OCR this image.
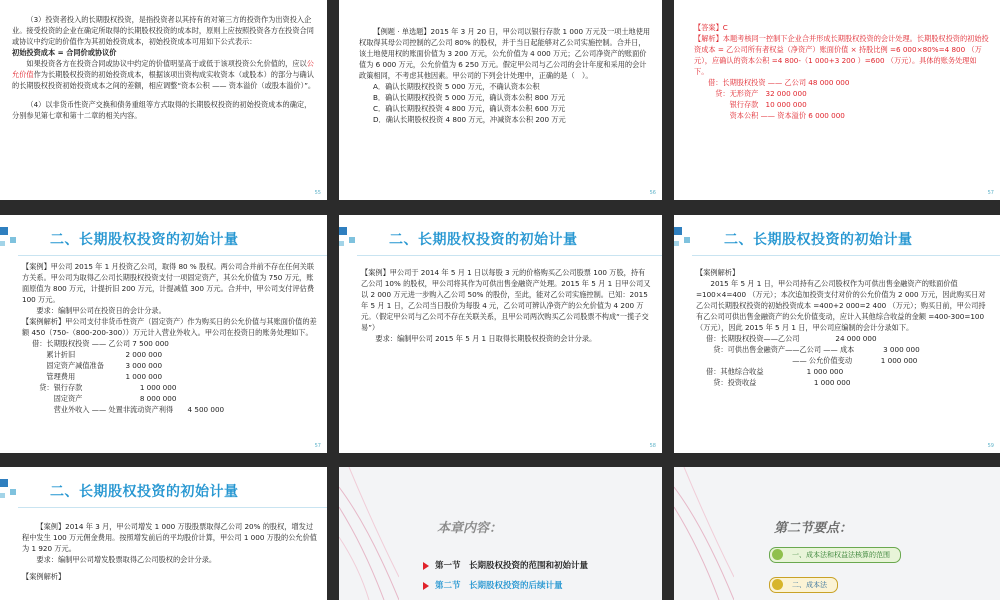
（3）投资者投入的长期股权投资，是指投资者以其持有的对第三方的投资作为出资投入企业。接受投资的企业在确定所取得的长期股权投资的成本时，原则上应按照投资各方在投资合同或协议中约定的价值作为其初始投资成本，初始投资成本可用如下公式表示：

初始投资成本 = 合同价或协议价

如果投资各方在投资合同或协议中约定的价值明显高于或低于该项投资公允价值的，应以公允价值作为长期股权投资的初始投资成本，根据该项出资构成实收资本（或股本）的部分与确认的长期股权投资初始投资成本之间的差额，相应调整“资本公积 —— 资本溢价（或股本溢价）”。

（4）以非货币性资产交换和债务重组等方式取得的长期股权投资的初始投资成本的确定，分别参见第七章和第十二章的相关内容。

55

【例题 · 单选题】2015 年 3 月 20 日，甲公司以银行存款 1 000 万元及一项土地使用权取得其母公司控制的乙公司 80% 的股权，并于当日起能够对乙公司实施控制。合并日，该土地使用权的账面价值为 3 200 万元，公允价值为 4 000 万元；乙公司净资产的账面价值为 6 000 万元，公允价值为 6 250 万元。假定甲公司与乙公司的会计年度和采用的会计政策相同，不考虑其他因素。甲公司的下列会计处理中，正确的是（　）。

A．确认长期股权投资 5 000 万元，不确认资本公积

B．确认长期股权投资 5 000 万元，确认资本公积 800 万元

C．确认长期股权投资 4 800 万元，确认资本公积 600 万元

D．确认长期股权投资 4 800 万元，冲减资本公积 200 万元

56

【答案】C

【解析】本题考核同一控制下企业合并形成长期股权投资的会计处理。长期股权投资的初始投资成本 = 乙公司所有者权益（净资产）账面价值 × 持股比例 =6 000×80%=4 800 （万元），应确认的资本公积 =4 800-（1 000+3 200 ）=600 （万元）。具体的账务处理如下。

借：长期股权投资 —— 乙公司 48 000 000

　贷：无形资产　32 000 000

　　　银行存款　10 000 000

　　　资本公积 —— 资本溢价 6 000 000

57
二、长期股权投资的初始计量

【案例】甲公司 2015 年 1 月投资乙公司，取得 80 % 股权。两公司合并前不存在任何关联方关系。甲公司为取得乙公司长期股权投资支付一项固定资产，其公允价值为 750 万元，账面原值为 800 万元，计提折旧 200 万元，计提减值 300 万元。合并中，甲公司支付评估费 100 万元。

要求：编制甲公司在投资日的会计分录。

【案例解析】甲公司支付非货币性资产（固定资产）作为购买日的公允价值与其账面价值的差额 450（750-（800-200-300））万元计入营业外收入。甲公司在投资日的账务处理如下。

借：长期股权投资 —— 乙公司 7 500 000

　　累计折旧　　　　　　　2 000 000

　　固定资产减值准备　　　3 000 000

　　管理费用　　　　　　　1 000 000

　贷：银行存款　　　　　　　　1 000 000

　　　固定资产　　　　　　　　8 000 000

　　　营业外收入 —— 处置非流动资产利得　　4 500 000

57
二、长期股权投资的初始计量

【案例】甲公司于 2014 年 5 月 1 日以每股 3 元的价格购买乙公司股票 100 万股，持有乙公司 10% 的股权，甲公司将其作为可供出售金融资产处理。2015 年 5 月 1 日甲公司又以 2 000 万元进一步购入乙公司 50% 的股份，至此，能对乙公司实施控制。已知：2015 年 5 月 1 日，乙公司当日股价为每股 4 元，乙公司可辨认净资产的公允价值为 4 200 万元。（假定甲公司与乙公司不存在关联关系，且甲公司两次购买乙公司股票不构成“一揽子交易”）

要求：编制甲公司 2015 年 5 月 1 日取得长期股权投资的会计分录。

58
二、长期股权投资的初始计量

【案例解析】

2015 年 5 月 1 日，甲公司持有乙公司股权作为可供出售金融资产的账面价值 =100×4=400 （万元）；本次追加投资支付对价的公允价值为 2 000 万元，因此购买日对乙公司长期股权投资的初始投资成本 =400+2 000=2 400 （万元）；购买日前，甲公司持有乙公司可供出售金融资产的公允价值变动，应计入其他综合收益的金额 =400-300=100（万元），因此 2015 年 5 月 1 日，甲公司应编制的会计分录如下。

借：长期股权投资——乙公司　　　　　24 000 000

　贷：可供出售金融资产——乙公司 —— 成本　　　　3 000 000

　　　　　　　　　　　　—— 公允价值变动　　　　1 000 000

借：其他综合收益　　　　　　1 000 000

　贷：投资收益　　　　　　　　1 000 000

59
二、长期股权投资的初始计量

【案例】2014 年 3 月，甲公司增发 1 000 万股股票取得乙公司 20% 的股权，增发过程中发生 100 万元佣金费用。按照增发前后的平均股价计算，甲公司 1 000 万股的公允价值为 1 920 万元。

要求：编制甲公司增发股票取得乙公司股权的会计分录。

【案例解析】

本章内容：
第一节　长期股权投资的范围和初始计量
第二节　长期股权投资的后续计量
第二节要点：
一、成本法和权益法核算的范围
二、成本法
